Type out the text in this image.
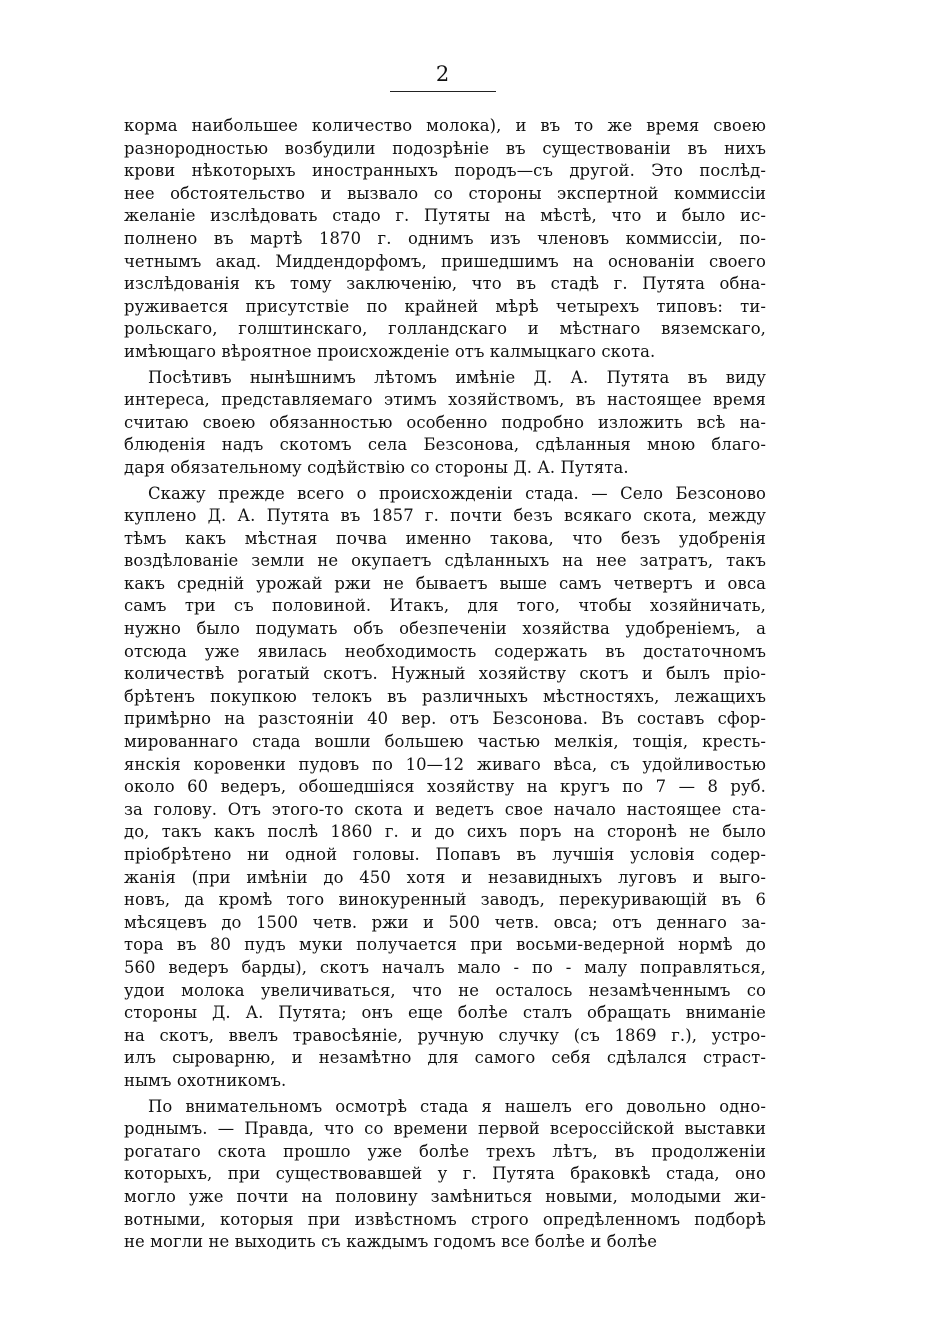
2
корма наибольшее количество молока), и въ то же время своею
разнородностью возбудили подозрѣніе въ существованіи въ нихъ
крови нѣкоторыхъ иностранныхъ породъ—съ другой. Это послѣд-
нее обстоятельство и вызвало со стороны экспертной коммиссіи
желаніе изслѣдовать стадо г. Путяты на мѣстѣ, что и было ис-
полнено въ мартѣ 1870 г. однимъ изъ членовъ коммиссіи, по-
четнымъ акад. Миддендорфомъ, пришедшимъ на основаніи своего
изслѣдованія къ тому заключенію, что въ стадѣ г. Путята обна-
руживается присутствіе по крайней мѣрѣ четырехъ типовъ: ти-
рольскаго, голштинскаго, голландскаго и мѣстнаго вяземскаго,
имѣющаго вѣроятное происхожденіе отъ калмыцкаго скота.
Посѣтивъ нынѣшнимъ лѣтомъ имѣніе Д. А. Путята въ виду
интереса, представляемаго этимъ хозяйствомъ, въ настоящее время
считаю своею обязанностью особенно подробно изложить всѣ на-
блюденія надъ скотомъ села Безсонова, сдѣланныя мною благо-
даря обязательному содѣйствію со стороны Д. А. Путята.
Скажу прежде всего о происхожденіи стада. — Село Безсоново
куплено Д. А. Путята въ 1857 г. почти безъ всякаго скота, между
тѣмъ какъ мѣстная почва именно такова, что безъ удобренія
воздѣлованіе земли не окупаетъ сдѣланныхъ на нее затратъ, такъ
какъ средній урожай ржи не бываетъ выше самъ четвертъ и овса
самъ три съ половиной. Итакъ, для того, чтобы хозяйничать,
нужно было подумать объ обезпеченіи хозяйства удобреніемъ, а
отсюда уже явилась необходимость содержать въ достаточномъ
количествѣ рогатый скотъ. Нужный хозяйству скотъ и былъ пріо-
брѣтенъ покупкою телокъ въ различныхъ мѣстностяхъ, лежащихъ
примѣрно на разстояніи 40 вер. отъ Безсонова. Въ составъ сфор-
мированнаго стада вошли большею частью мелкія, тощія, кресть-
янскія коровенки пудовъ по 10—12 живаго вѣса, съ удойливостью
около 60 ведеръ, обошедшіяся хозяйству на кругъ по 7 — 8 руб.
за голову. Отъ этого-то скота и ведетъ свое начало настоящее ста-
до, такъ какъ послѣ 1860 г. и до сихъ поръ на сторонѣ не было
пріобрѣтено ни одной головы. Попавъ въ лучшія условія содер-
жанія (при имѣніи до 450 хотя и незавидныхъ луговъ и выго-
новъ, да кромѣ того винокуренный заводъ, перекуривающій въ 6
мѣсяцевъ до 1500 четв. ржи и 500 четв. овса; отъ деннаго за-
тора въ 80 пудъ муки получается при восьми-ведерной нормѣ до
560 ведеръ барды), скотъ началъ мало - по - малу поправляться,
удои молока увеличиваться, что не осталось незамѣченнымъ со
стороны Д. А. Путята; онъ еще болѣе сталъ обращать вниманіе
на скотъ, ввелъ травосѣяніе, ручную случку (съ 1869 г.), устро-
илъ сыроварню, и незамѣтно для самого себя сдѣлался страст-
нымъ охотникомъ.
По внимательномъ осмотрѣ стада я нашелъ его довольно одно-
роднымъ. — Правда, что со времени первой всероссійской выставки
рогатаго скота прошло уже болѣе трехъ лѣтъ, въ продолженіи
которыхъ, при существовавшей у г. Путята браковкѣ стада, оно
могло уже почти на половину замѣниться новыми, молодыми жи-
вотными, которыя при извѣстномъ строго опредѣленномъ подборѣ
не могли не выходить съ каждымъ годомъ все болѣе и болѣе
